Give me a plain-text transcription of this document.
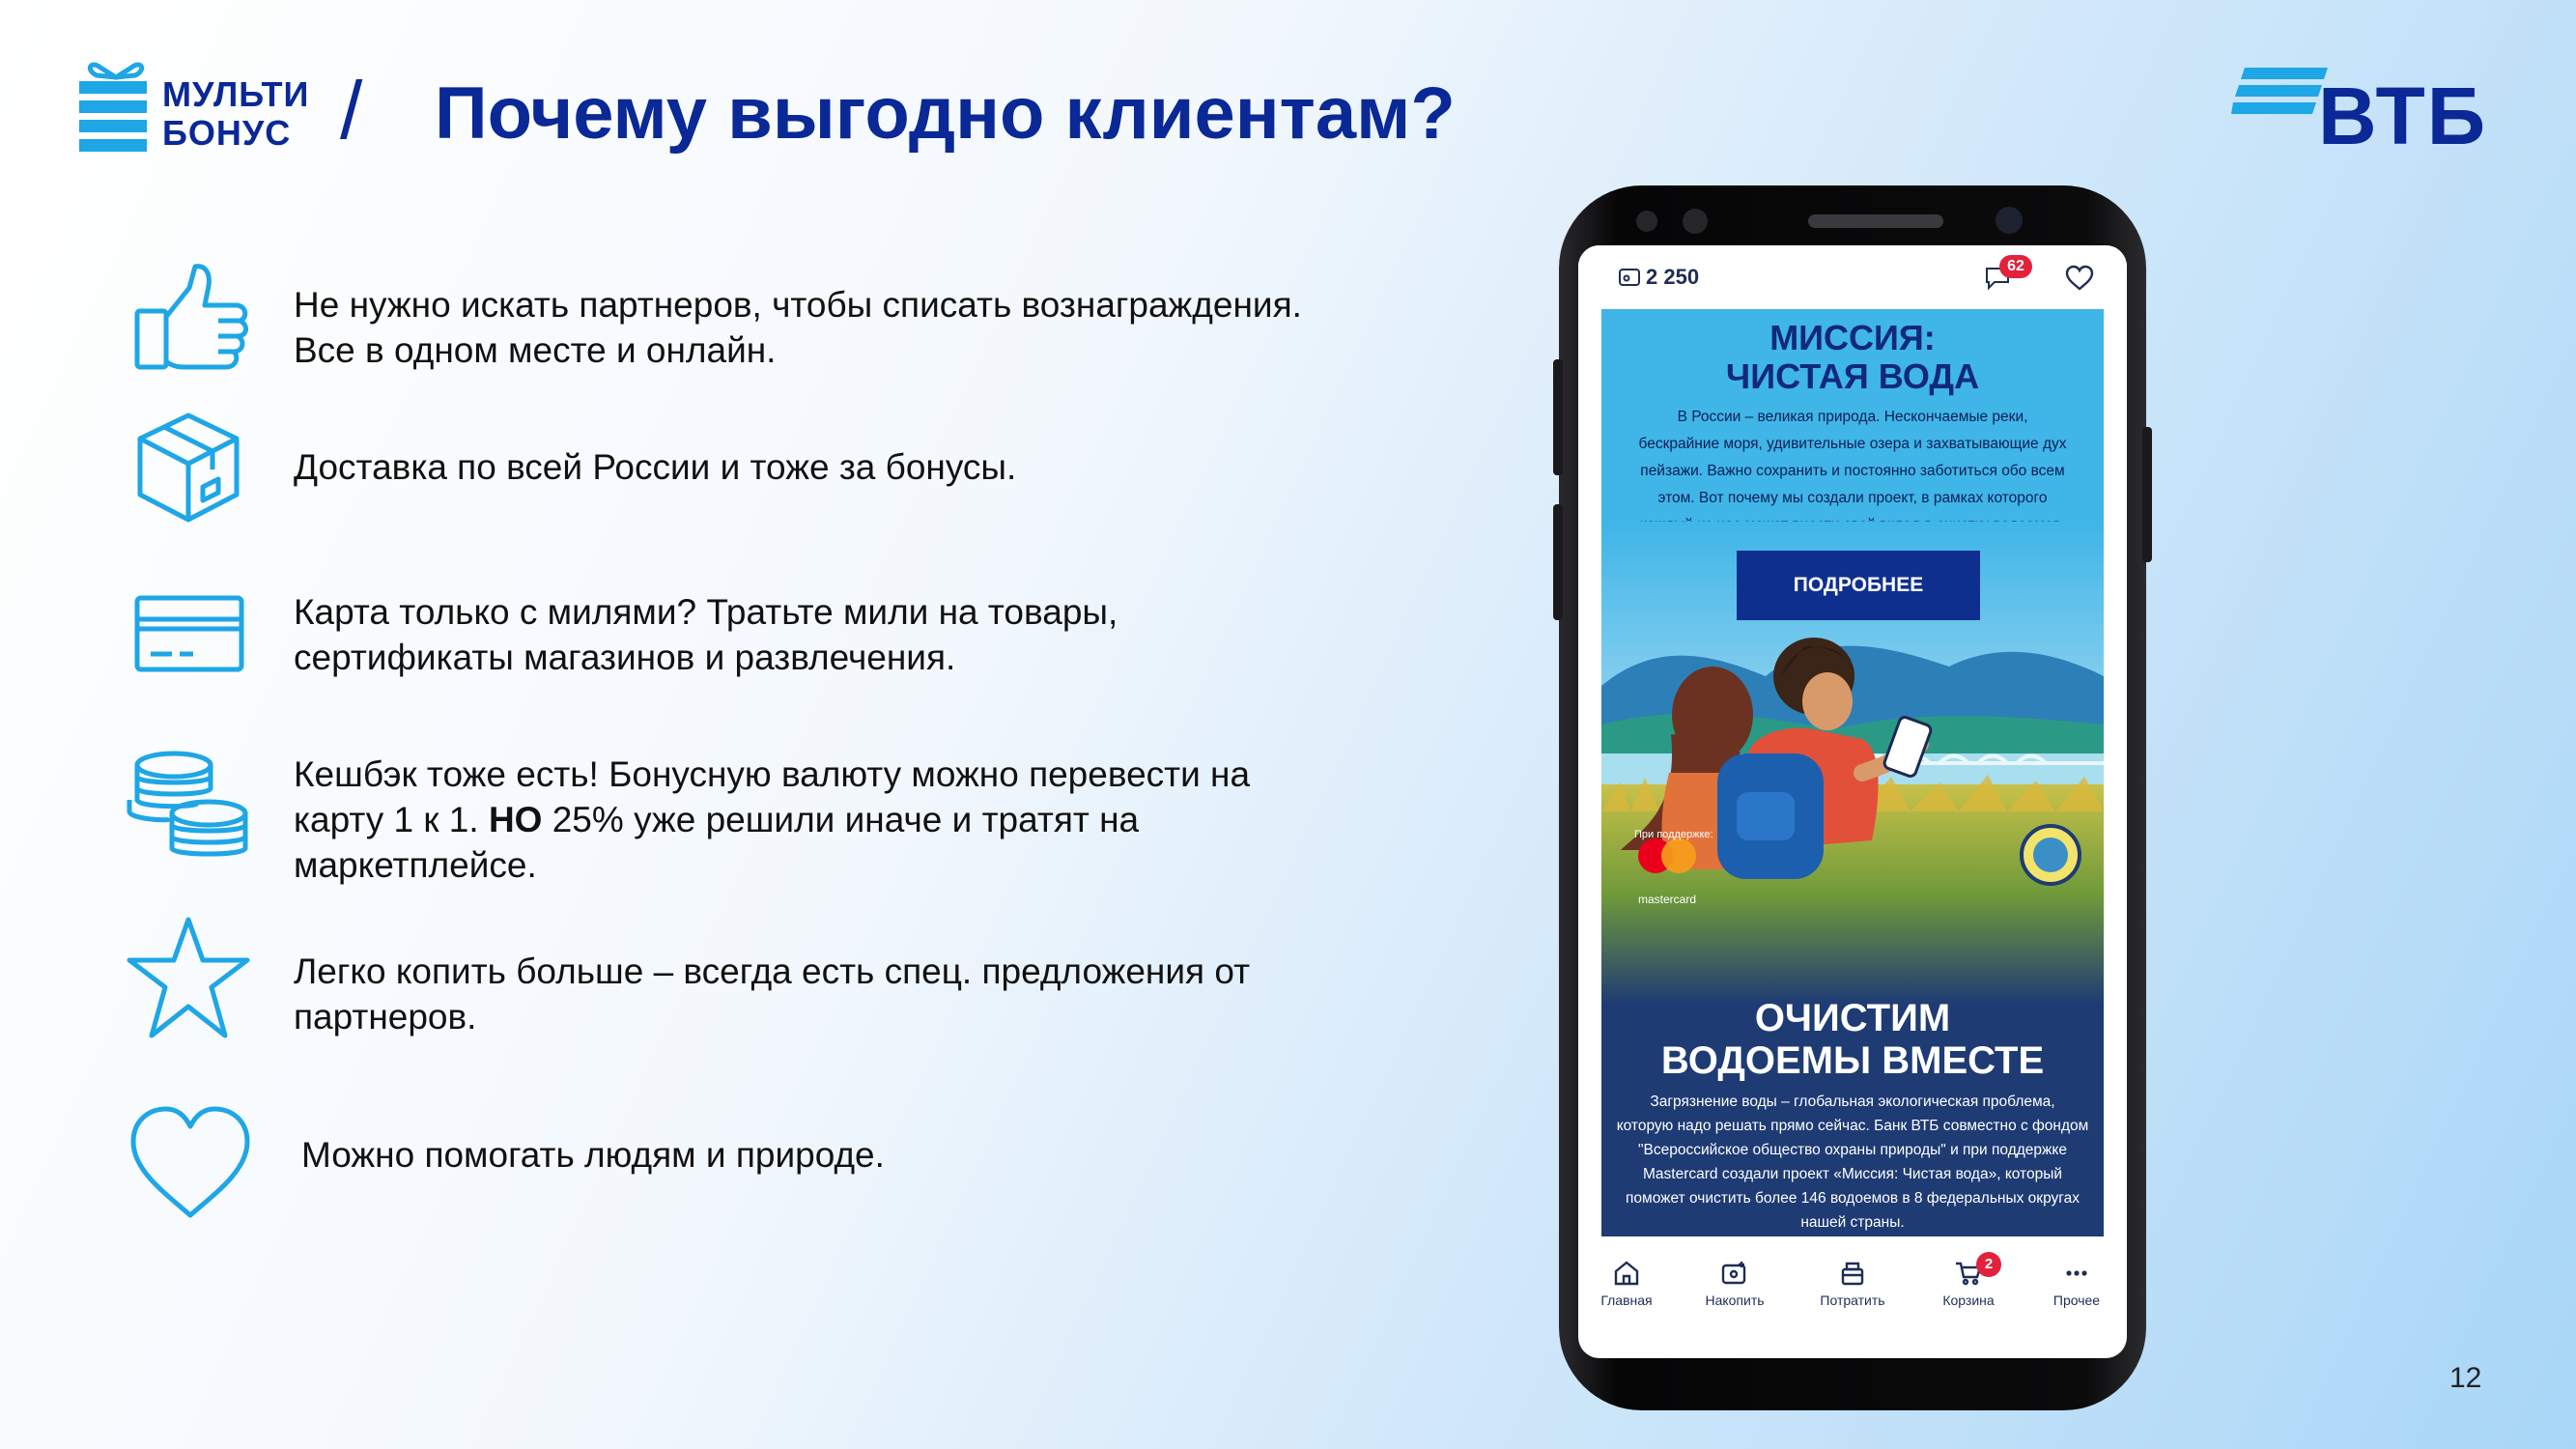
МУЛЬТИ
БОНУС / Почему выгодно клиентам?	ВТБ
Не нужно искать партнеров, чтобы списать вознаграждения.
Все в одном месте и онлайн.
Доставка по всей России и тоже за бонусы.
Карта только с милями? Тратьте мили на товары,
сертификаты магазинов и развлечения.
Кешбэк тоже есть! Бонусную валюту можно перевести на
карту 1 к 1. НО 25% уже решили иначе и тратят на
маркетплейсе.
Легко копить больше – всегда есть спец. предложения от
партнеров.
Можно помогать людям и природе.
2 250	62
МИССИЯ:
ЧИСТАЯ ВОДА
В России – великая природа. Нескончаемые реки,
бескрайние моря, удивительные озера и захватывающие дух
пейзажи. Важно сохранить и постоянно заботиться обо всем
этом. Вот почему мы создали проект, в рамках которого
При поддержке:
mastercard
ПОДРОБНЕЕ
ОЧИСТИМ
ВОДОЕМЫ ВМЕСТЕ
Загрязнение воды – глобальная экологическая проблема,
которую надо решать прямо сейчас. Банк ВТБ совместно с фондом
"Всероссийское общество охраны природы" и при поддержке
Mastercard создали проект «Миссия: Чистая вода», который
поможет очистить более 146 водоемов в 8 федеральных округах
нашей страны.
Главная	Накопить	Потратить
2
Корзина	Прочее
12
